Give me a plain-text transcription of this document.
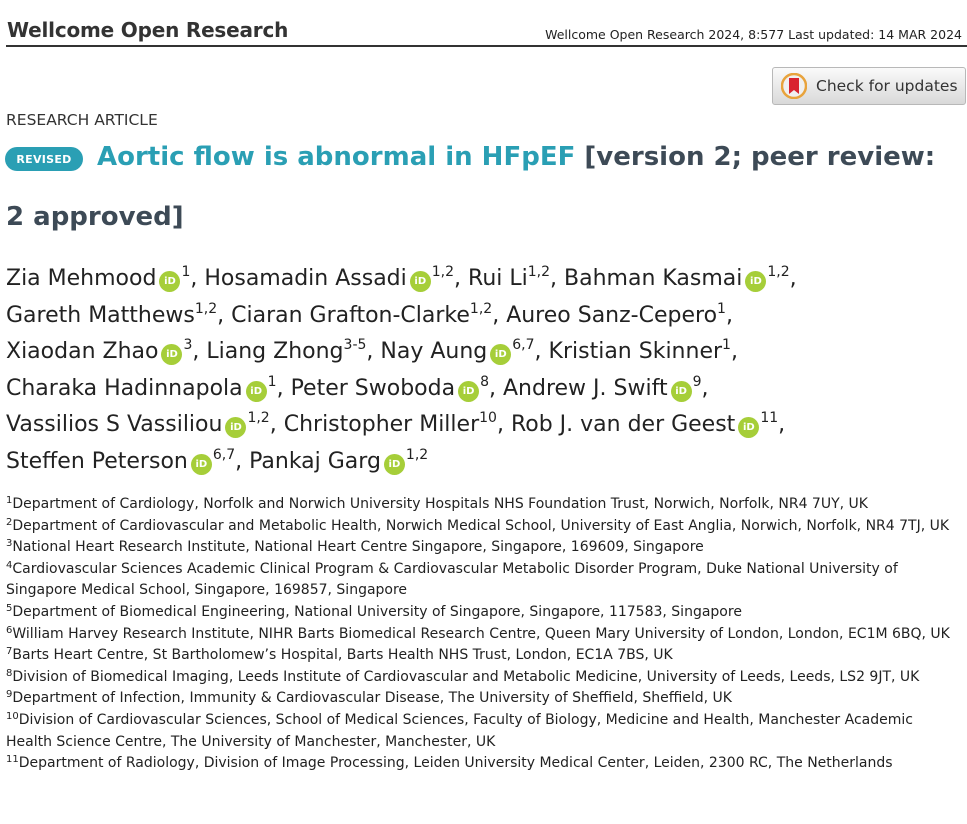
Wellcome Open Research	Wellcome Open Research 2024, 8:577 Last updated: 14 MAR 2024
Check for updates
RESEARCH ARTICLE
REVISED Aortic flow is abnormal in HFpEF [version 2; peer review:
2 approved]
Zia Mehmood iD$^1$, Hosamadin Assadi iD$^{1,2}$, Rui Li$^{1,2}$, Bahman Kasmai iD$^{1,2}$,
Gareth Matthews$^{1,2}$, Ciaran Grafton-Clarke$^{1,2}$, Aureo Sanz-Cepero$^1$,
Xiaodan Zhao iD$^3$, Liang Zhong$^{3-5}$, Nay Aung iD$^{6,7}$, Kristian Skinner$^1$,
Charaka Hadinnapola iD$^1$, Peter Swoboda iD$^8$, Andrew J. Swift iD$^9$,
Vassilios S Vassiliou iD$^{1,2}$, Christopher Miller$^{10}$, Rob J. van der Geest iD$^{11}$,
Steffen Peterson iD$^{6,7}$, Pankaj Garg iD$^{1,2}$
$^1$Department of Cardiology, Norfolk and Norwich University Hospitals NHS Foundation Trust, Norwich, Norfolk, NR4 7UY, UK
$^2$Department of Cardiovascular and Metabolic Health, Norwich Medical School, University of East Anglia, Norwich, Norfolk, NR4 7TJ, UK
$^3$National Heart Research Institute, National Heart Centre Singapore, Singapore, 169609, Singapore
$^4$Cardiovascular Sciences Academic Clinical Program & Cardiovascular Metabolic Disorder Program, Duke National University of Singapore Medical School, Singapore, 169857, Singapore
$^5$Department of Biomedical Engineering, National University of Singapore, Singapore, 117583, Singapore
$^6$William Harvey Research Institute, NIHR Barts Biomedical Research Centre, Queen Mary University of London, London, EC1M 6BQ, UK
$^7$Barts Heart Centre, St Bartholomew’s Hospital, Barts Health NHS Trust, London, EC1A 7BS, UK
$^8$Division of Biomedical Imaging, Leeds Institute of Cardiovascular and Metabolic Medicine, University of Leeds, Leeds, LS2 9JT, UK
$^9$Department of Infection, Immunity & Cardiovascular Disease, The University of Sheffield, Sheffield, UK
$^{10}$Division of Cardiovascular Sciences, School of Medical Sciences, Faculty of Biology, Medicine and Health, Manchester Academic Health Science Centre, The University of Manchester, Manchester, UK
$^{11}$Department of Radiology, Division of Image Processing, Leiden University Medical Center, Leiden, 2300 RC, The Netherlands
